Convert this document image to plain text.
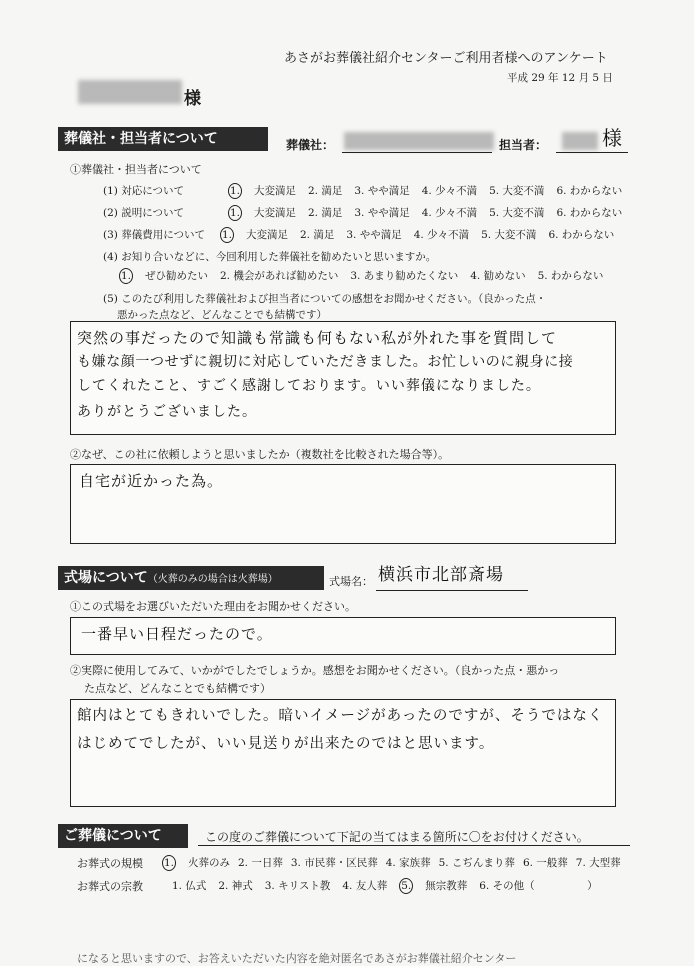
あさがお葬儀社紹介センターご利用者様へのアンケート
平成 29 年 12 月 5 日
様
葬儀社・担当者について	葬儀社：	担当者：	様
①葬儀社・担当者について
(1) 対応について	1. 大変満足 2. 満足 3. やや満足 4. 少々不満 5. 大変不満 6. わからない
(2) 説明について	1. 大変満足 2. 満足 3. やや満足 4. 少々不満 5. 大変不満 6. わからない
(3) 葬儀費用について 1. 大変満足 2. 満足 3. やや満足 4. 少々不満 5. 大変不満 6. わからない
(4) お知り合いなどに、今回利用した葬儀社を勧めたいと思いますか。
1. ぜひ勧めたい 2. 機会があれば勧めたい 3. あまり勧めたくない 4. 勧めない 5. わからない
(5) このたび利用した葬儀社および担当者についての感想をお聞かせください。（良かった点・
悪かった点など、どんなことでも結構です）
突然の事だったので知識も常識も何もない私が外れた事を質問して
も嫌な顔一つせずに親切に対応していただきました。お忙しいのに親身に接
してくれたこと、すごく感謝しております。いい葬儀になりました。
ありがとうございました。
②なぜ、この社に依頼しようと思いましたか（複数社を比較された場合等）。
自宅が近かった為。
式場について（火葬のみの場合は火葬場）	式場名： 横浜市北部斎場
①この式場をお選びいただいた理由をお聞かせください。
一番早い日程だったので。
②実際に使用してみて、いかがでしたでしょうか。感想をお聞かせください。（良かった点・悪かっ
た点など、どんなことでも結構です）
館内はとてもきれいでした。暗いイメージがあったのですが、そうではなく
はじめてでしたが、いい見送りが出来たのではと思います。
ご葬儀について	この度のご葬儀について下記の当てはまる箇所に〇をお付けください。
お葬式の規模 1. 火葬のみ 2. 一日葬 3. 市民葬・区民葬 4. 家族葬 5. こぢんまり葬 6. 一般葬 7. 大型葬
お葬式の宗教	1. 仏式 2. 神式 3. キリスト教 4. 友人葬 5. 無宗教葬 6. その他（　　　　　）
になると思いますので、お答えいただいた内容を絶対匿名であさがお葬儀社紹介センター
